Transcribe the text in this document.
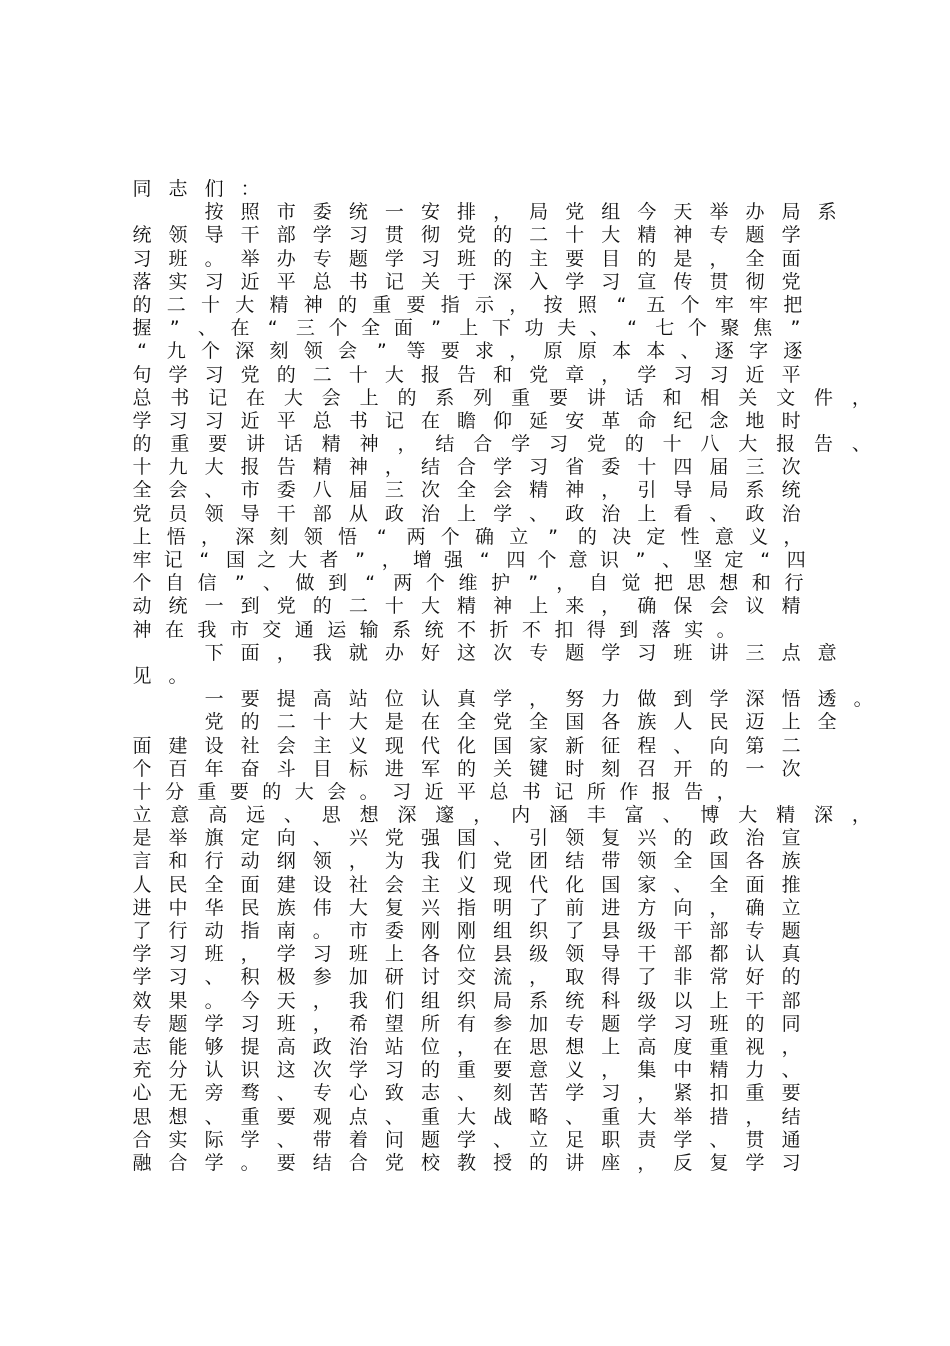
同 志 们 ：
按 照 市 委 统 一 安 排 ， 局 党 组 今 天 举 办 局 系
统 领 导 干 部 学 习 贯 彻 党 的 二 十 大 精 神 专 题 学
习 班 。 举 办 专 题 学 习 班 的 主 要 目 的 是 ， 全 面
落 实 习 近 平 总 书 记 关 于 深 入 学 习 宣 传 贯 彻 党
的 二 十 大 精 神 的 重 要 指 示 ， 按 照	“	五 个 牢 牢 把
握 ” 、 在 “ 三 个 全 面 ” 上 下 功 夫 、 “ 七 个 聚 焦 ”
“	九 个 深 刻 领 会	”	等 要 求 ， 原 原 本 本 、 逐 字 逐
句 学 习 党 的 二 十 大 报 告 和 党 章 ， 学 习 习 近 平
总 书 记 在 大 会 上 的 系 列 重 要 讲 话 和 相 关 文 件 ，
学 习 习 近 平 总 书 记 在 瞻 仰 延 安 革 命 纪 念 地 时
的 重 要 讲 话 精 神 ， 结 合 学 习 党 的 十 八 大 报 告 、
十 九 大 报 告 精 神 ， 结 合 学 习 省 委 十 四 届 三 次
全 会 、 市 委 八 届 三 次 全 会 精 神 ， 引 导 局 系 统
党 员 领 导 干 部 从 政 治 上 学 、 政 治 上 看 、 政 治
上 悟 ， 深 刻 领 悟	“	两 个 确 立	”	的 决 定 性 意 义 ，
牢 记 “ 国 之 大 者 ” ， 增 强 “ 四 个 意 识 ” 、 坚 定 “ 四
个 自 信 ” 、 做 到 “ 两 个 维 护 ” ， 自 觉 把 思 想 和 行
动 统 一 到 党 的 二 十 大 精 神 上 来 ， 确 保 会 议 精
神 在 我 市 交 通 运 输 系 统 不 折 不 扣 得 到 落 实 。
下 面 ， 我 就 办 好 这 次 专 题 学 习 班 讲 三 点 意
见 。
一 要 提 高 站 位 认 真 学 ， 努 力 做 到 学 深 悟 透 。
党 的 二 十 大 是 在 全 党 全 国 各 族 人 民 迈 上 全
面 建 设 社 会 主 义 现 代 化 国 家 新 征 程 、 向 第 二
个 百 年 奋 斗 目 标 进 军 的 关 键 时 刻 召 开 的 一 次
十 分 重 要 的 大 会 。 习 近 平 总 书 记 所 作 报 告 ，
立 意 高 远 、 思 想 深 邃 ， 内 涵 丰 富 、 博 大 精 深 ，
是 举 旗 定 向 、 兴 党 强 国 、 引 领 复 兴 的 政 治 宣
言 和 行 动 纲 领 ， 为 我 们 党 团 结 带 领 全 国 各 族
人 民 全 面 建 设 社 会 主 义 现 代 化 国 家 、 全 面 推
进 中 华 民 族 伟 大 复 兴 指 明 了 前 进 方 向 ， 确 立
了 行 动 指 南 。 市 委 刚 刚 组 织 了 县 级 干 部 专 题
学 习 班 ， 学 习 班 上 各 位 县 级 领 导 干 部 都 认 真
学 习 、 积 极 参 加 研 讨 交 流 ， 取 得 了 非 常 好 的
效 果 。 今 天 ， 我 们 组 织 局 系 统 科 级 以 上 干 部
专 题 学 习 班 ， 希 望 所 有 参 加 专 题 学 习 班 的 同
志 能 够 提 高 政 治 站 位 ， 在 思 想 上 高 度 重 视 ，
充 分 认 识 这 次 学 习 的 重 要 意 义 ， 集 中 精 力 、
心 无 旁 骛 、 专 心 致 志 、 刻 苦 学 习 ， 紧 扣 重 要
思 想 、 重 要 观 点 、 重 大 战 略 、 重 大 举 措 ， 结
合 实 际 学 、 带 着 问 题 学 、 立 足 职 责 学 、 贯 通
融 合 学 。 要 结 合 党 校 教 授 的 讲 座 ， 反 复 学 习
